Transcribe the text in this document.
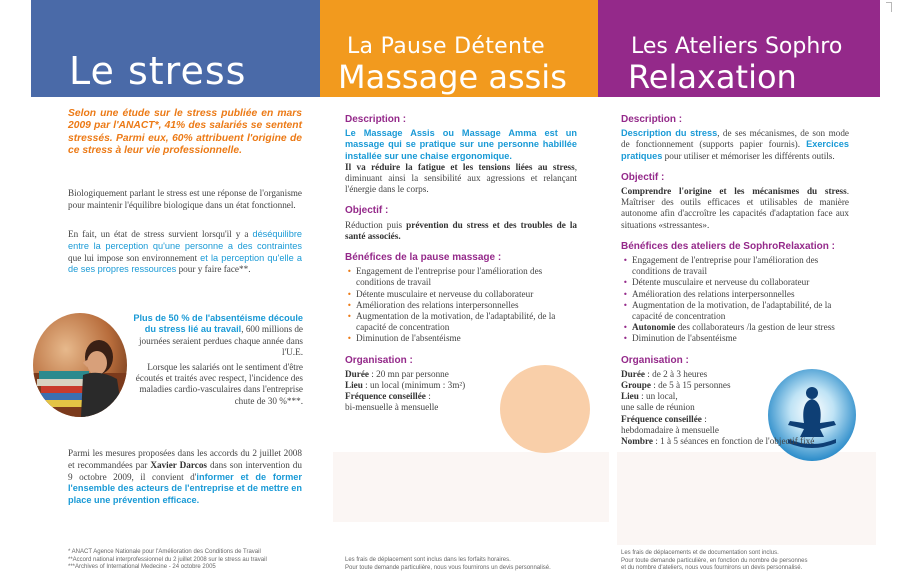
Le stress
La Pause Détente
Massage assis
Les Ateliers Sophro
Relaxation
Selon une étude sur le stress publiée en mars 2009 par l'ANACT*, 41% des salariés se sentent stressés. Parmi eux, 60% attribuent l'origine de ce stress à leur vie professionnelle.
Biologiquement parlant le stress est une réponse de l'organisme pour maintenir l'équilibre biologique dans un état fonctionnel.
En fait, un état de stress survient lorsqu'il y a déséquilibre entre la perception qu'une personne a des contraintes que lui impose son environnement et la perception qu'elle a de ses propres ressources pour y faire face**.

Plus de 50 % de l'absentéisme découle du stress lié au travail, 600 millions de journées seraient perdues chaque année dans l'U.E.

Lorsque les salariés ont le sentiment d'être écoutés et traités avec respect, l'incidence des maladies cardio-vasculaires dans l'entreprise chute de 30 %***.

Parmi les mesures proposées dans les accords du 2 juillet 2008 et recommandées par Xavier Darcos dans son intervention du 9 octobre 2009, il convient d'informer et de former l'ensemble des acteurs de l'entreprise et de mettre en place une prévention efficace.
* ANACT Agence Nationale pour l'Amélioration des Conditions de Travail
**Accord national interprofessionnel du 2 juillet 2008 sur le stress au travail
***Archives of International Medecine - 24 octobre 2005
Description :
Le Massage Assis ou Massage Amma est un massage qui se pratique sur une personne habillée installée sur une chaise ergonomique.
Il va réduire la fatigue et les tensions liées au stress, diminuant ainsi la sensibilité aux agressions et relançant l'énergie dans le corps.
Objectif :
Réduction puis prévention du stress et des troubles de la santé associés.
Bénéfices de la pause massage :
• Engagement de l'entreprise pour l'amélioration des conditions de travail
• Détente musculaire et nerveuse du collaborateur
• Amélioration des relations interpersonnelles
• Augmentation de la motivation, de l'adaptabilité, de la capacité de concentration
• Diminution de l'absentéisme
Organisation :
Durée : 20 mn par personne
Lieu : un local (minimum : 3m²)
Fréquence conseillée :
bi-mensuelle à mensuelle
Les frais de déplacement sont inclus dans les forfaits horaires.
Pour toute demande particulière, nous vous fournirons un devis personnalisé.
Description :
Description du stress, de ses mécanismes, de son mode de fonctionnement (supports papier fournis). Exercices pratiques pour utiliser et mémoriser les différents outils.
Objectif :
Comprendre l'origine et les mécanismes du stress. Maîtriser des outils efficaces et utilisables de manière autonome afin d'accroître les capacités d'adaptation face aux situations «stressantes».
Bénéfices des ateliers de SophroRelaxation :
• Engagement de l'entreprise pour l'amélioration des conditions de travail
• Détente musculaire et nerveuse du collaborateur
• Amélioration des relations interpersonnelles
• Augmentation de la motivation, de l'adaptabilité, de la capacité de concentration
• Autonomie des collaborateurs /la gestion de leur stress
• Diminution de l'absentéisme
Organisation :
Durée : de 2 à 3 heures
Groupe : de 5 à 15 personnes
Lieu : un local,
une salle de réunion
Fréquence conseillée :
hebdomadaire à mensuelle
Nombre : 1 à 5 séances en fonction de l'objectif fixé
Les frais de déplacements et de documentation sont inclus.
Pour toute demande particulière, en fonction du nombre de personnes
et du nombre d'ateliers, nous vous fournirons un devis personnalisé.
